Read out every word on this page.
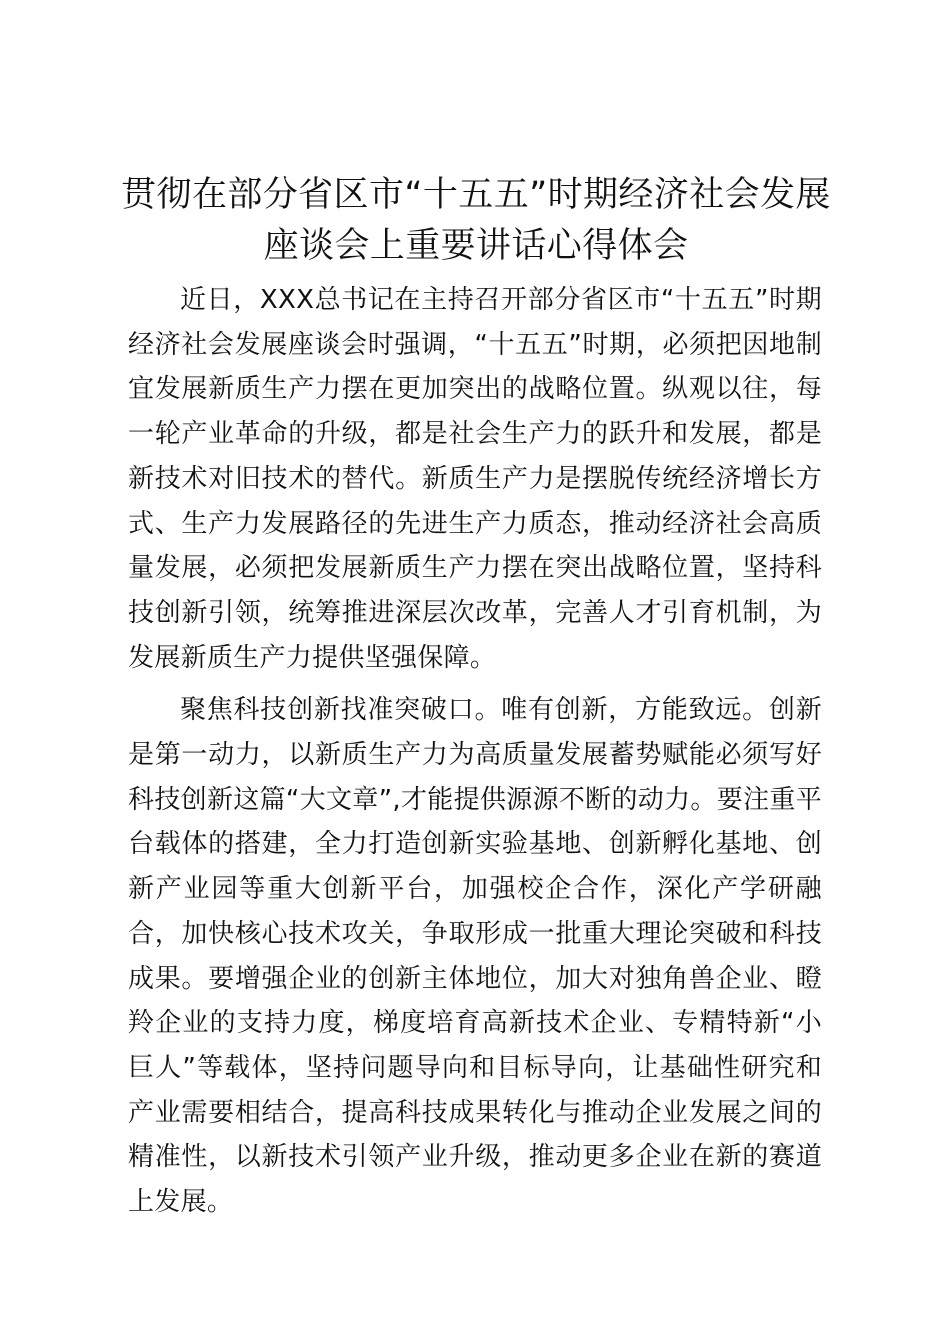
贯彻在部分省区市“十五五”时期经济社会发展座谈会上重要讲话心得体会

近日，XXX总书记在主持召开部分省区市“十五五”时期经济社会发展座谈会时强调，“十五五”时期，必须把因地制宜发展新质生产力摆在更加突出的战略位置。纵观以往，每一轮产业革命的升级，都是社会生产力的跃升和发展，都是新技术对旧技术的替代。新质生产力是摆脱传统经济增长方式、生产力发展路径的先进生产力质态，推动经济社会高质量发展，必须把发展新质生产力摆在突出战略位置，坚持科技创新引领，统筹推进深层次改革，完善人才引育机制，为发展新质生产力提供坚强保障。

聚焦科技创新找准突破口。唯有创新，方能致远。创新是第一动力，以新质生产力为高质量发展蓄势赋能必须写好科技创新这篇“大文章”,才能提供源源不断的动力。要注重平台载体的搭建，全力打造创新实验基地、创新孵化基地、创新产业园等重大创新平台，加强校企合作，深化产学研融合，加快核心技术攻关，争取形成一批重大理论突破和科技成果。要增强企业的创新主体地位，加大对独角兽企业、瞪羚企业的支持力度，梯度培育高新技术企业、专精特新“小巨人”等载体，坚持问题导向和目标导向，让基础性研究和产业需要相结合，提高科技成果转化与推动企业发展之间的精准性，以新技术引领产业升级，推动更多企业在新的赛道上发展。
